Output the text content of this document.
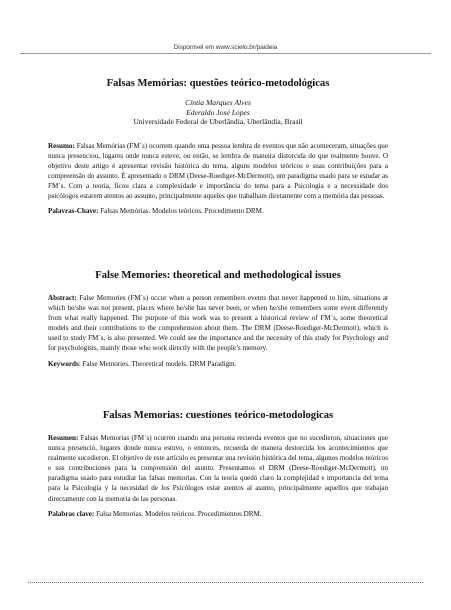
Disponível em www.scielo.br/paideia

Falsas Memórias: questões teórico-metodológicas

Cíntia Marques Alves
Ederaldo José Lopes
Universidade Federal de Uberlândia, Uberlândia, Brasil

Resumo: Falsas Memórias (FM´s) ocorrem quando uma pessoa lembra de eventos que não aconteceram, situações que nunca presenciou, lugares onde nunca esteve, ou então, se lembra de maneira distorcida do que realmente houve. O objetivo deste artigo é apresentar revisão histórica do tema, alguns modelos teóricos e suas contribuições para a compreensão do assunto. É apresentado o DRM (Deese-Roediger-McDermott), um paradigma usado para se estudar as FM´s. Com a teoria, ficou clara a complexidade e importância do tema para a Psicologia e a necessidade dos psicólogos estarem atentos ao assunto, principalmente aqueles que trabalham diretamente com a memória das pessoas.

Palavras-Chave: Falsas Memórias. Modelos teóricos. Procedimento DRM.

False Memories: theoretical and methodological issues

Abstract: False Memories (FM´s) occur when a person remembers events that never happened to him, situations at which he/she was not present, places where he/she has never been, or when he/she remembers some event differently from what really happened. The purpose of this work was to present a historical review of FM´s, some theoretical models and their contributions to the comprehension about them. The DRM (Deese-Roediger-McDermott), which is used to study FM´s, is also presented. We could see the importance and the necessity of this study for Psychology and for psychologists, mainly those who work directly with the people’s memory.

Keywords: False Memories. Theoretical models. DRM Paradigm.

Falsas Memorias: cuestiones teórico-metodologicas

Resumen: Falsas Memorias (FM´s) ocurren cuando una persona recuerda eventos que no sucedieron, situaciones que nunca presenció, lugares donde nunca estuvo, o entonces, recuerda de manera destorcida los acontecimientos que realmente sucedieron. El objetivo de este artículo es presentar una revisión histórica del tema, algunos modelos teóricos e sus contribuciones para la comprensión del asunto. Presentamos el DRM (Deese-Roediger-McDermott), un paradigma usado para estudiar las falsas memorias. Con la teoría quedó claro la complejidad e importancia del tema para la Psicología y la necesidad de los Psicólogos estar atentos al asunto, principalmente aquellos que trabajan directamente con la memoria de las personas.

Palabras clave: Falsa Memorias. Modelos teóricos. Procedimientos DRM.
